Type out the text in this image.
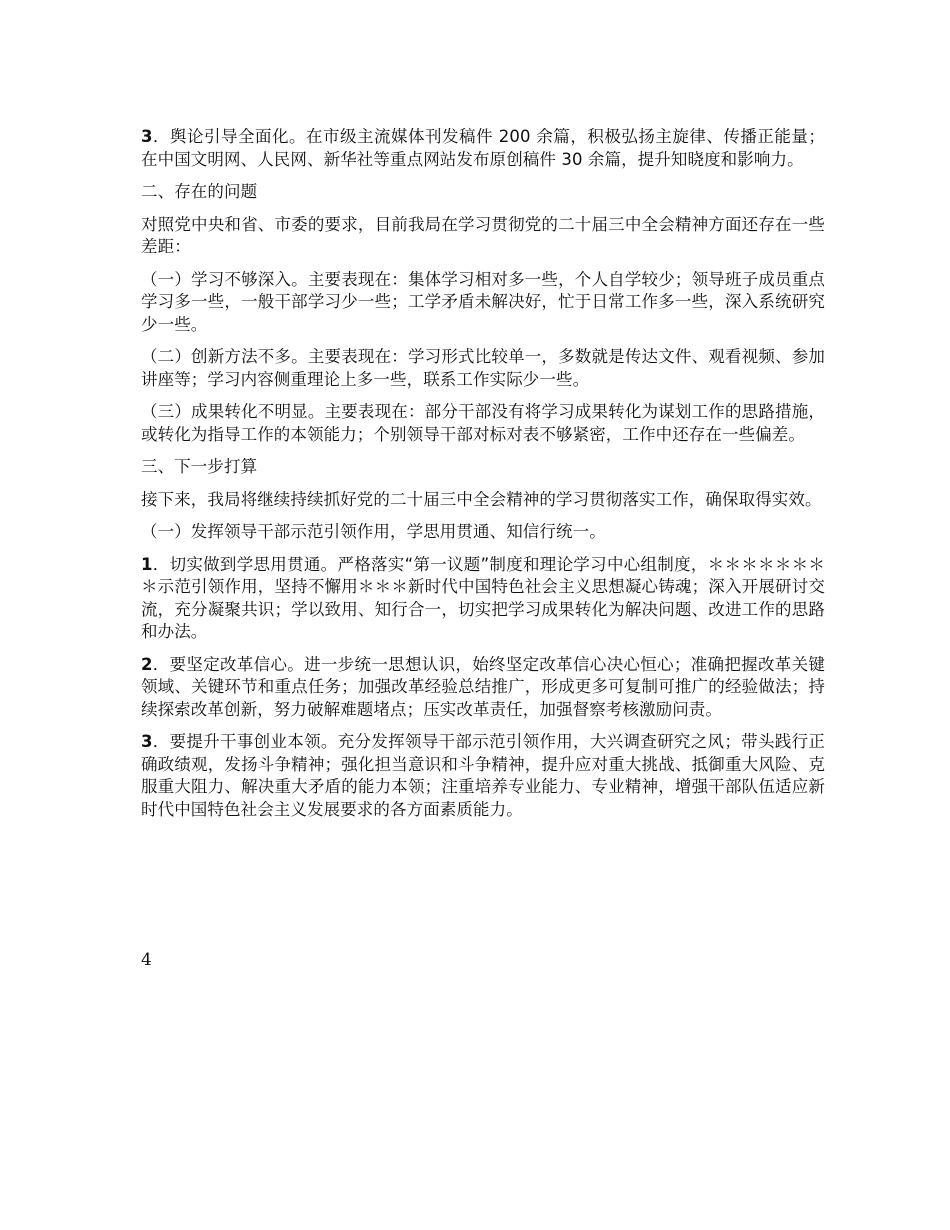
3．舆论引导全面化。在市级主流媒体刊发稿件 200 余篇，积极弘扬主旋律、传播正能量；在中国文明网、人民网、新华社等重点网站发布原创稿件 30 余篇，提升知晓度和影响力。

二、存在的问题

对照党中央和省、市委的要求，目前我局在学习贯彻党的二十届三中全会精神方面还存在一些差距：

（一）学习不够深入。主要表现在：集体学习相对多一些，个人自学较少；领导班子成员重点学习多一些，一般干部学习少一些；工学矛盾未解决好，忙于日常工作多一些，深入系统研究少一些。

（二）创新方法不多。主要表现在：学习形式比较单一，多数就是传达文件、观看视频、参加讲座等；学习内容侧重理论上多一些，联系工作实际少一些。

（三）成果转化不明显。主要表现在：部分干部没有将学习成果转化为谋划工作的思路措施，或转化为指导工作的本领能力；个别领导干部对标对表不够紧密，工作中还存在一些偏差。

三、下一步打算

接下来，我局将继续持续抓好党的二十届三中全会精神的学习贯彻落实工作，确保取得实效。

（一）发挥领导干部示范引领作用，学思用贯通、知信行统一。

1．切实做到学思用贯通。严格落实“第一议题”制度和理论学习中心组制度，＊＊＊＊＊＊＊＊示范引领作用，坚持不懈用＊＊＊新时代中国特色社会主义思想凝心铸魂；深入开展研讨交流，充分凝聚共识；学以致用、知行合一，切实把学习成果转化为解决问题、改进工作的思路和办法。

2．要坚定改革信心。进一步统一思想认识，始终坚定改革信心决心恒心；准确把握改革关键领域、关键环节和重点任务；加强改革经验总结推广，形成更多可复制可推广的经验做法；持续探索改革创新，努力破解难题堵点；压实改革责任，加强督察考核激励问责。

3．要提升干事创业本领。充分发挥领导干部示范引领作用，大兴调查研究之风；带头践行正确政绩观，发扬斗争精神；强化担当意识和斗争精神，提升应对重大挑战、抵御重大风险、克服重大阻力、解决重大矛盾的能力本领；注重培养专业能力、专业精神，增强干部队伍适应新时代中国特色社会主义发展要求的各方面素质能力。

4
